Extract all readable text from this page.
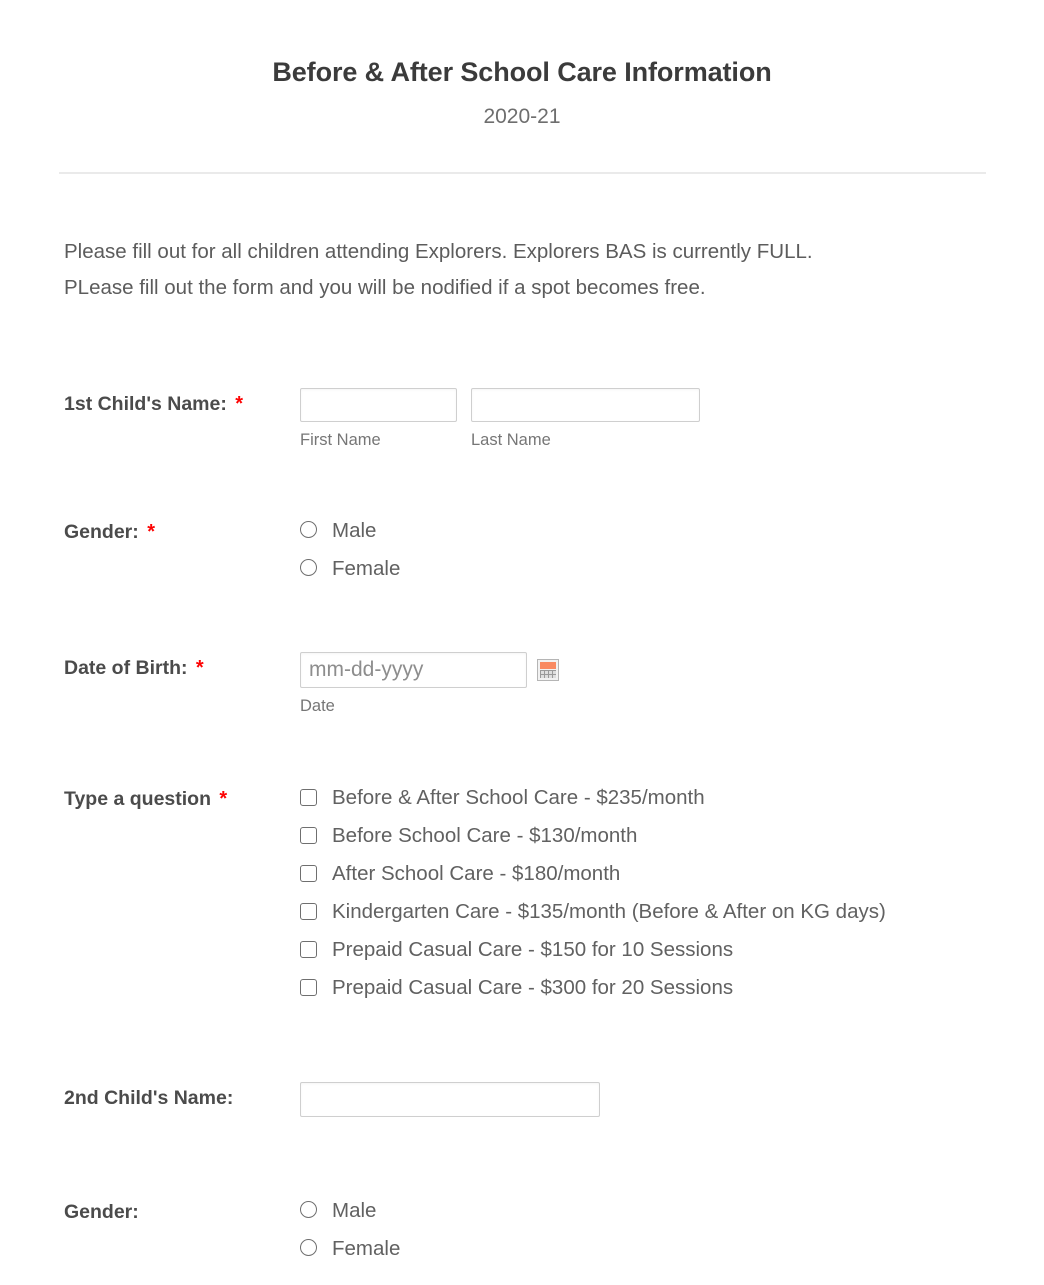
Before & After School Care Information
2020-21

Please fill out for all children attending Explorers. Explorers BAS is currently FULL. PLease fill out the form and you will be nodified if a spot becomes free.

1st Child's Name: *
First Name	Last Name
Gender: *	Male
Female
Date of Birth: *
mm-dd-yyyy
Date
Type a question *	Before & After School Care - $235/month
Before School Care - $130/month
After School Care - $180/month
Kindergarten Care - $135/month (Before & After on KG days)
Prepaid Casual Care - $150 for 10 Sessions
Prepaid Casual Care - $300 for 20 Sessions
2nd Child's Name:
Gender:	Male
Female
